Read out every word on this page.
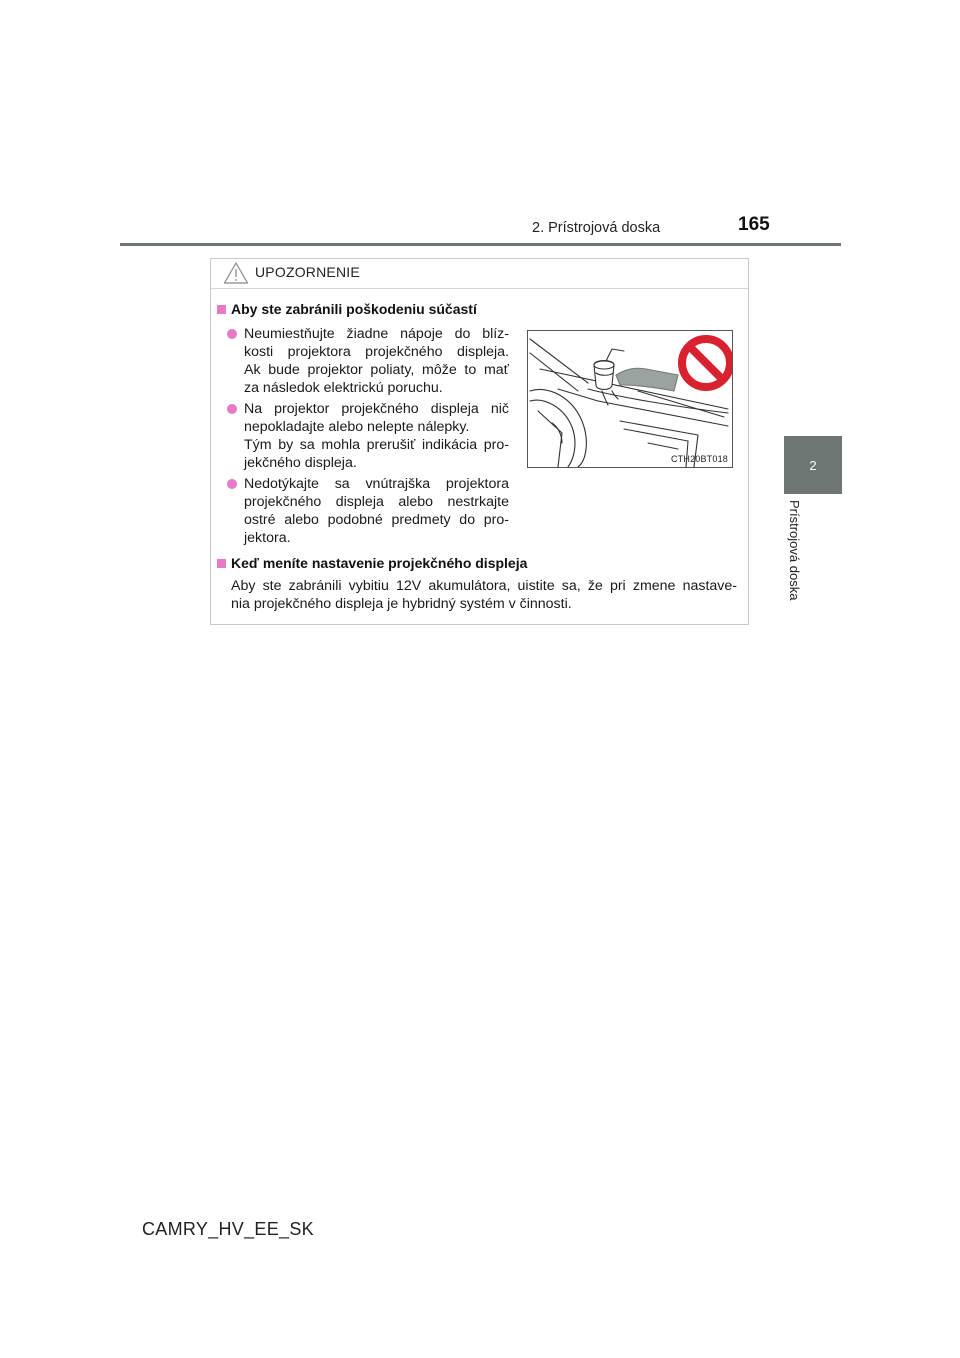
2. Prístrojová doska	165
2
Prístrojová doska
UPOZORNENIE
Aby ste zabránili poškodeniu súčastí
Neumiestňujte žiadne nápoje do blíz-
kosti projektora projekčného displeja.
Ak bude projektor poliaty, môže to mať
za následok elektrickú poruchu.
Na projektor projekčného displeja nič
nepokladajte alebo nelepte nálepky.
Tým by sa mohla prerušiť indikácia pro-
jekčného displeja.
Nedotýkajte sa vnútrajška projektora
projekčného displeja alebo nestrkajte
ostré alebo podobné predmety do pro-
jektora.
CTH20BT018
Keď meníte nastavenie projekčného displeja
Aby ste zabránili vybitiu 12V akumulátora, uistite sa, že pri zmene nastave-
nia projekčného displeja je hybridný systém v činnosti.
CAMRY_HV_EE_SK
